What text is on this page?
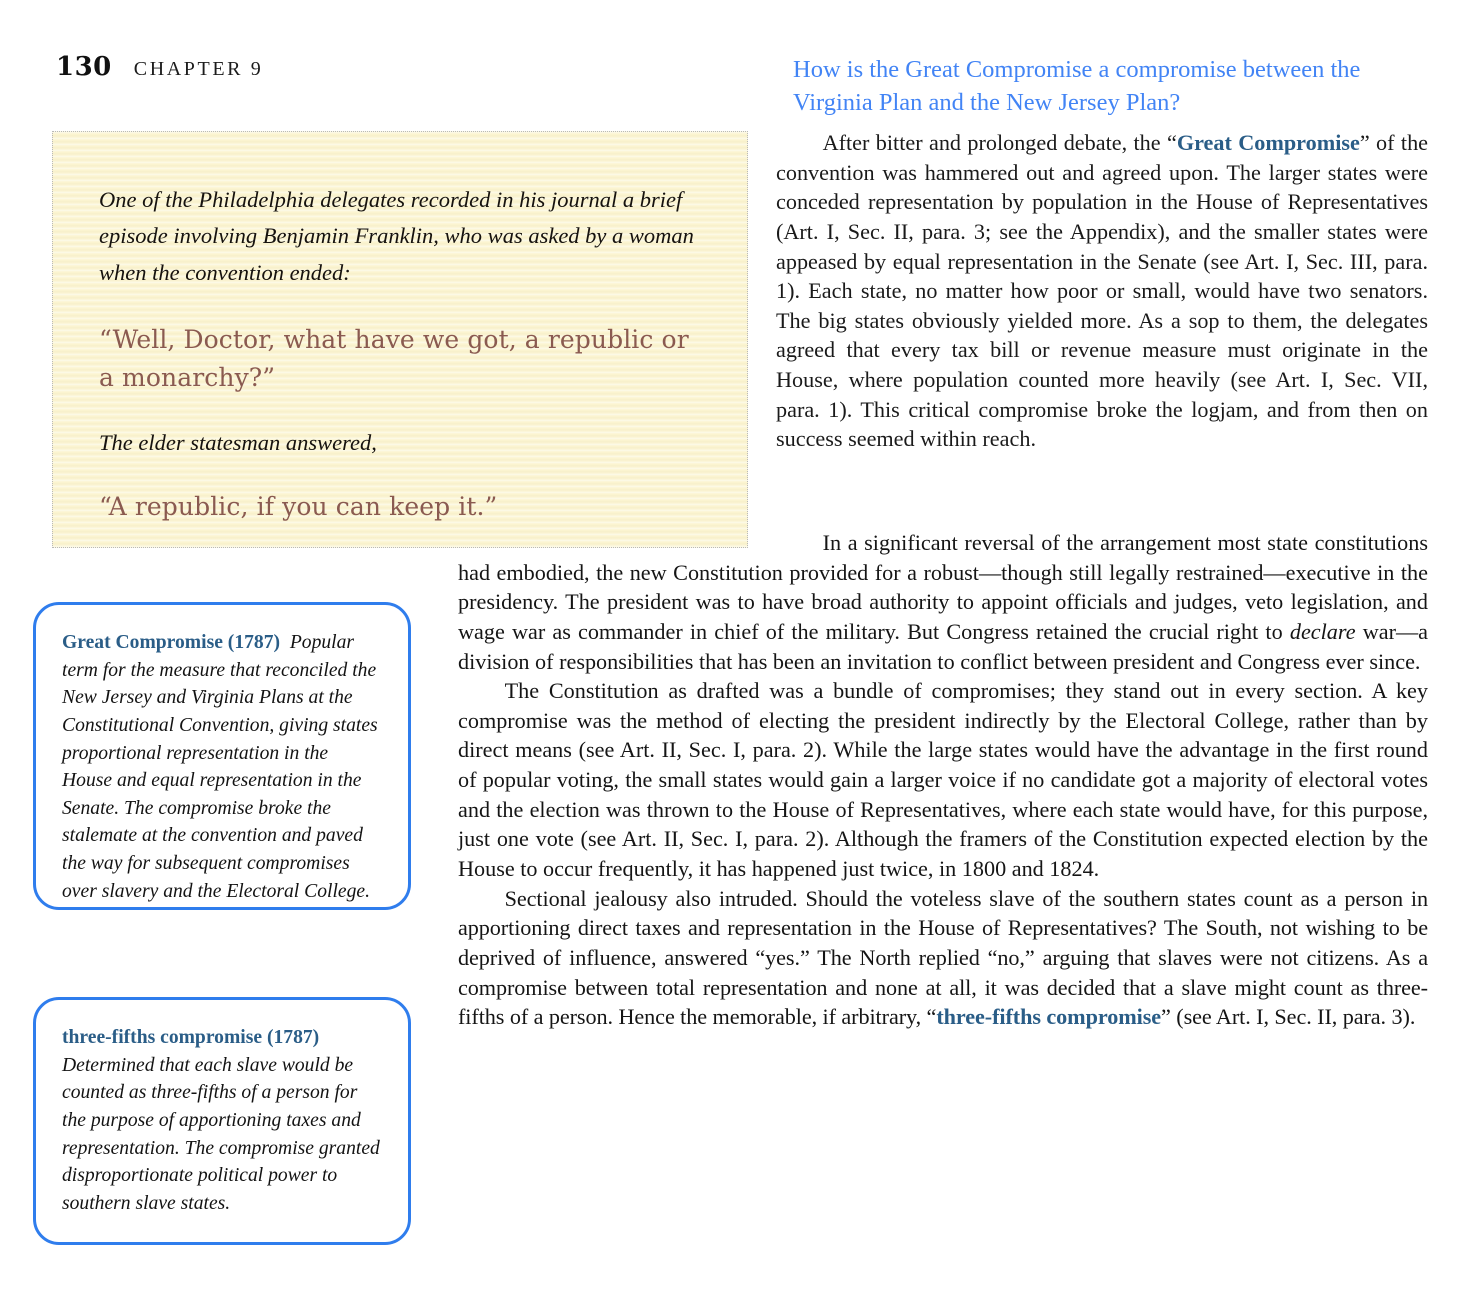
130 CHAPTER 9	How is the Great Compromise a compromise between the Virginia Plan and the New Jersey Plan?

One of the Philadelphia delegates recorded in his journal a brief episode involving Benjamin Franklin, who was asked by a woman when the convention ended:

“Well, Doctor, what have we got, a republic or a monarchy?”

The elder statesman answered,

“A republic, if you can keep it.”

After bitter and prolonged debate, the “Great Compromise” of the convention was hammered out and agreed upon. The larger states were conceded representation by population in the House of Representatives (Art. I, Sec. II, para. 3; see the Appendix), and the smaller states were appeased by equal representation in the Senate (see Art. I, Sec. III, para. 1). Each state, no matter how poor or small, would have two senators. The big states obviously yielded more. As a sop to them, the delegates agreed that every tax bill or revenue measure must originate in the House, where population counted more heavily (see Art. I, Sec. VII, para. 1). This critical compromise broke the logjam, and from then on success seemed within reach.

Great Compromise (1787) Popular term for the measure that reconciled the New Jersey and Virginia Plans at the Constitutional Convention, giving states proportional representation in the House and equal representation in the Senate. The compromise broke the stalemate at the convention and paved the way for subsequent compromises over slavery and the Electoral College.

three-fifths compromise (1787)  Determined that each slave would be counted as three-fifths of a person for the purpose of apportioning taxes and representation. The compromise granted disproportionate political power to southern slave states.

In a significant reversal of the arrangement most state constitutions had embodied, the new Constitution provided for a robust—though still legally restrained—executive in the presidency. The president was to have broad authority to appoint officials and judges, veto legislation, and wage war as commander in chief of the military. But Congress retained the crucial right to declare war—a division of responsibilities that has been an invitation to conflict between president and Congress ever since.

The Constitution as drafted was a bundle of compromises; they stand out in every section. A key compromise was the method of electing the president indirectly by the Electoral College, rather than by direct means (see Art. II, Sec. I, para. 2). While the large states would have the advantage in the first round of popular voting, the small states would gain a larger voice if no candidate got a majority of electoral votes and the election was thrown to the House of Representatives, where each state would have, for this purpose, just one vote (see Art. II, Sec. I, para. 2). Although the framers of the Constitution expected election by the House to occur frequently, it has happened just twice, in 1800 and 1824.

Sectional jealousy also intruded. Should the voteless slave of the southern states count as a person in apportioning direct taxes and representation in the House of Representatives? The South, not wishing to be deprived of influence, answered “yes.” The North replied “no,” arguing that slaves were not citizens. As a compromise between total representation and none at all, it was decided that a slave might count as three-fifths of a person. Hence the memorable, if arbitrary, “three-fifths compromise” (see Art. I, Sec. II, para. 3).
